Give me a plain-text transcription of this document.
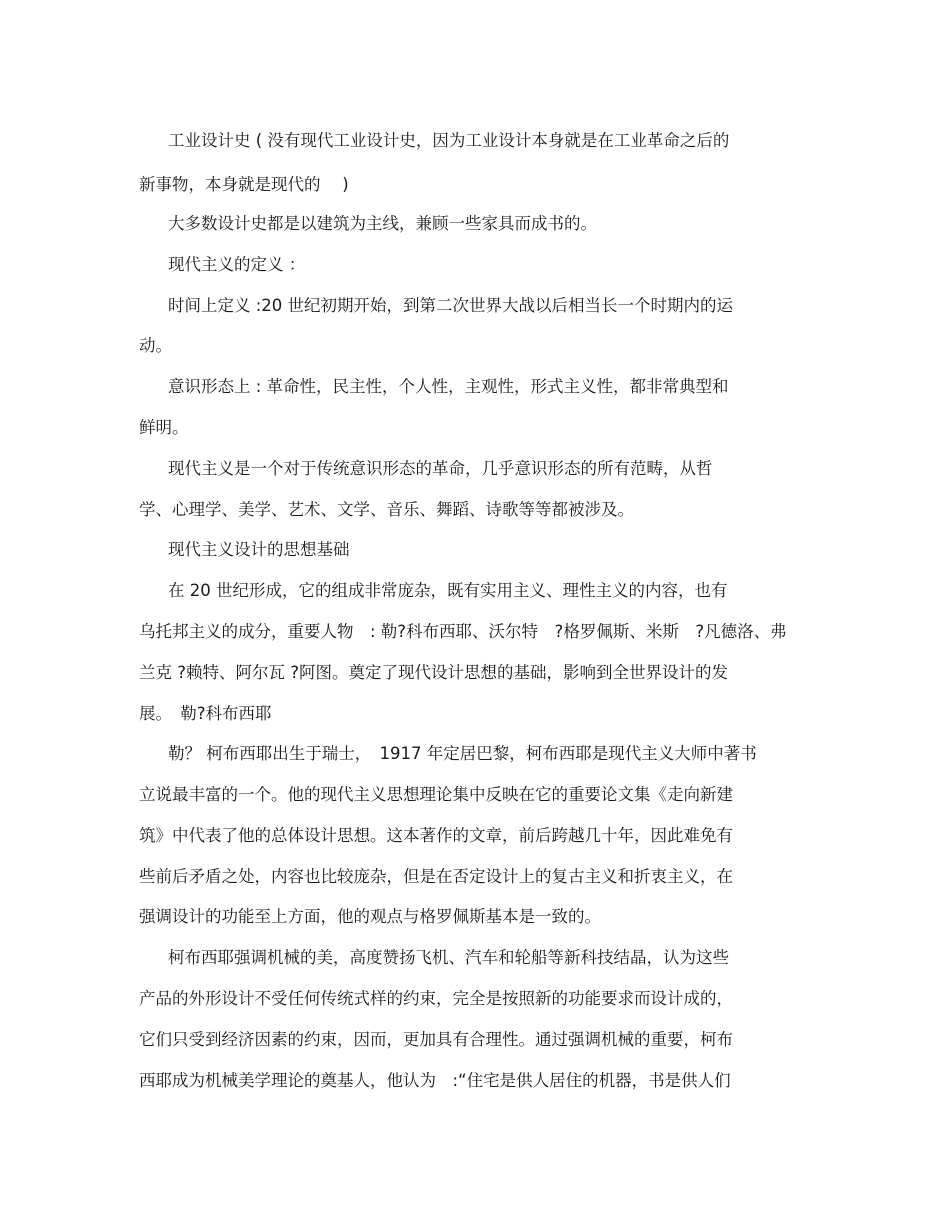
工业设计史 ( 没有现代工业设计史，因为工业设计本身就是在工业革命之后的
新事物，本身就是现代的 　)
大多数设计史都是以建筑为主线，兼顾一些家具而成书的。
现代主义的定义 ：
时间上定义 :20 世纪初期开始，到第二次世界大战以后相当长一个时期内的运
动。
意识形态上 : 革命性，民主性，个人性，主观性，形式主义性，都非常典型和
鲜明。
现代主义是一个对于传统意识形态的革命，几乎意识形态的所有范畴，从哲
学、心理学、美学、艺术、文学、音乐、舞蹈、诗歌等等都被涉及。
现代主义设计的思想基础
在 20 世纪形成，它的组成非常庞杂，既有实用主义、理性主义的内容，也有
乌托邦主义的成分，重要人物　: 勒?科布西耶、沃尔特　?格罗佩斯、米斯　?凡德洛、弗
兰克 ?赖特、阿尔瓦 ?阿图。奠定了现代设计思想的基础，影响到全世界设计的发
展。　勒?科布西耶
勒？ 柯布西耶出生于瑞士，　1917 年定居巴黎，柯布西耶是现代主义大师中著书
立说最丰富的一个。他的现代主义思想理论集中反映在它的重要论文集《走向新建
筑》中代表了他的总体设计思想。这本著作的文章，前后跨越几十年，因此难免有
些前后矛盾之处，内容也比较庞杂，但是在否定设计上的复古主义和折衷主义，在
强调设计的功能至上方面，他的观点与格罗佩斯基本是一致的。
柯布西耶强调机械的美，高度赞扬飞机、汽车和轮船等新科技结晶，认为这些
产品的外形设计不受任何传统式样的约束，完全是按照新的功能要求而设计成的，
它们只受到经济因素的约束，因而，更加具有合理性。通过强调机械的重要，柯布
西耶成为机械美学理论的奠基人，他认为　:“住宅是供人居住的机器，书是供人们
